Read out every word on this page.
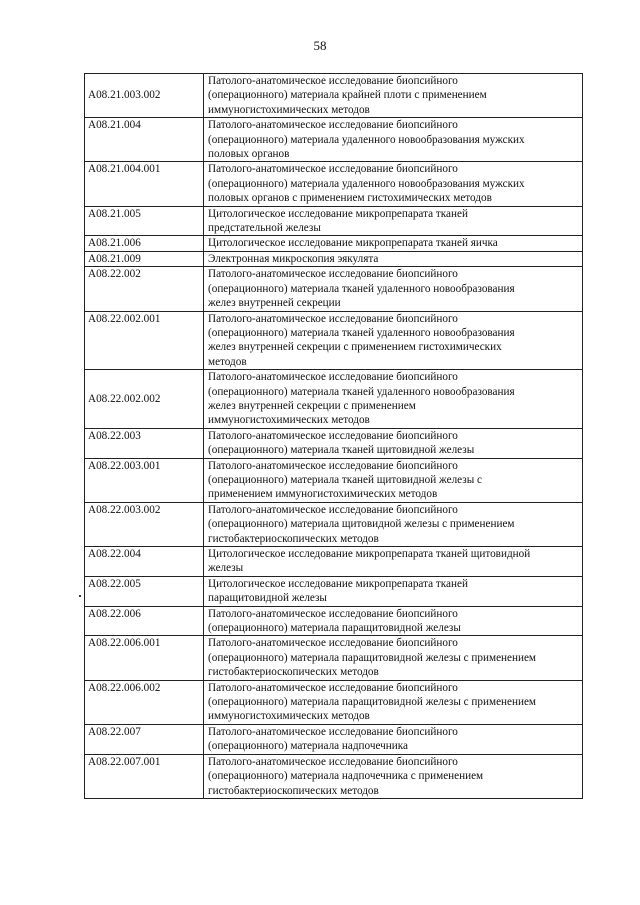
58
A08.21.003.002	Патолого-анатомическое исследование биопсийного
(операционного) материала крайней плоти с применением
иммуногистохимических методов

A08.21.004	Патолого-анатомическое исследование биопсийного
(операционного) материала удаленного новообразования мужских
половых органов

A08.21.004.001	Патолого-анатомическое исследование биопсийного
(операционного) материала удаленного новообразования мужских
половых органов с применением гистохимических методов

A08.21.005	Цитологическое исследование микропрепарата тканей
предстательной железы

A08.21.006	Цитологическое исследование микропрепарата тканей яичка

A08.21.009	Электронная микроскопия эякулята

A08.22.002	Патолого-анатомическое исследование биопсийного
(операционного) материала тканей удаленного новообразования
желез внутренней секреции

A08.22.002.001	Патолого-анатомическое исследование биопсийного
(операционного) материала тканей удаленного новообразования
желез внутренней секреции с применением гистохимических
методов

A08.22.002.002	Патолого-анатомическое исследование биопсийного
(операционного) материала тканей удаленного новообразования
желез внутренней секреции с применением
иммуногистохимических методов

A08.22.003	Патолого-анатомическое исследование биопсийного
(операционного) материала тканей щитовидной железы

A08.22.003.001	Патолого-анатомическое исследование биопсийного
(операционного) материала тканей щитовидной железы с
применением иммуногистохимических методов

A08.22.003.002	Патолого-анатомическое исследование биопсийного
(операционного) материала щитовидной железы с применением
гистобактериоскопических методов

A08.22.004	Цитологическое исследование микропрепарата тканей щитовидной
железы

A08.22.005	Цитологическое исследование микропрепарата тканей
паращитовидной железы

A08.22.006	Патолого-анатомическое исследование биопсийного
(операционного) материала паращитовидной железы

A08.22.006.001	Патолого-анатомическое исследование биопсийного
(операционного) материала паращитовидной железы с применением
гистобактериоскопических методов

A08.22.006.002	Патолого-анатомическое исследование биопсийного
(операционного) материала паращитовидной железы с применением
иммуногистохимических методов

A08.22.007	Патолого-анатомическое исследование биопсийного
(операционного) материала надпочечника

A08.22.007.001	Патолого-анатомическое исследование биопсийного
(операционного) материала надпочечника с применением
гистобактериоскопических методов
